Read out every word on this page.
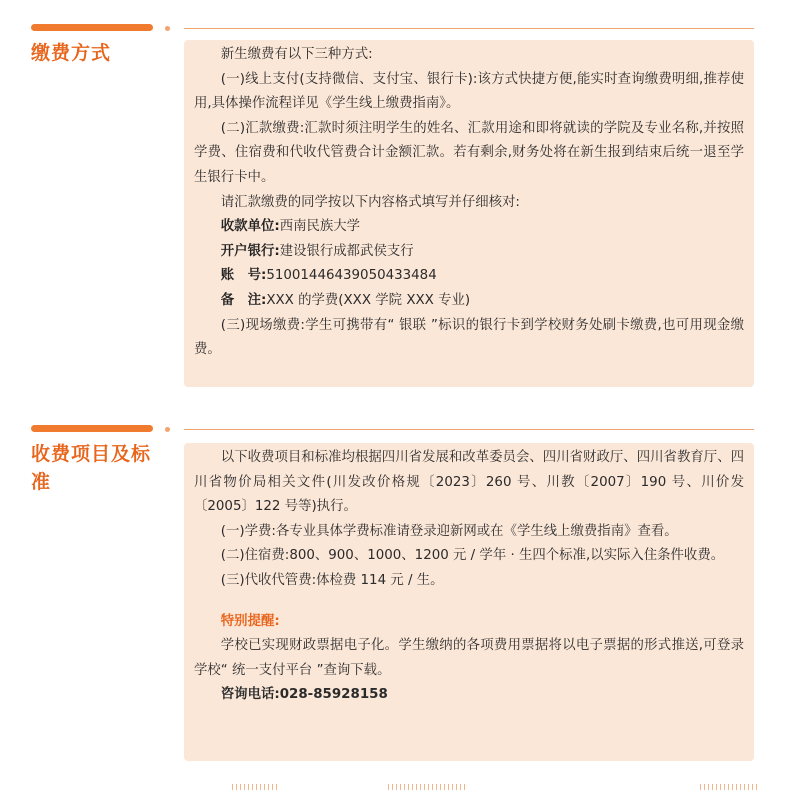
缴费方式	新生缴费有以下三种方式:

(一)线上支付(支持微信、支付宝、银行卡):该方式快捷方便,能实时查询缴费明细,推荐使用,具体操作流程详见《学生线上缴费指南》。

(二)汇款缴费:汇款时须注明学生的姓名、汇款用途和即将就读的学院及专业名称,并按照学费、住宿费和代收代管费合计金额汇款。若有剩余,财务处将在新生报到结束后统一退至学生银行卡中。

请汇款缴费的同学按以下内容格式填写并仔细核对:

收款单位:西南民族大学

开户银行:建设银行成都武侯支行

账　号:51001446439050433484

备　注:XXX 的学费(XXX 学院 XXX 专业)

(三)现场缴费:学生可携带有“ 银联 ”标识的银行卡到学校财务处刷卡缴费,也可用现金缴费。

收费项目及标准

以下收费项目和标准均根据四川省发展和改革委员会、四川省财政厅、四川省教育厅、四川省物价局相关文件(川发改价格规〔2023〕260 号、川教〔2007〕190 号、川价发〔2005〕122 号等)执行。

(一)学费:各专业具体学费标准请登录迎新网或在《学生线上缴费指南》查看。

(二)住宿费:800、900、1000、1200 元 / 学年 · 生四个标准,以实际入住条件收费。

(三)代收代管费:体检费 114 元 / 生。

特别提醒:

学校已实现财政票据电子化。学生缴纳的各项费用票据将以电子票据的形式推送,可登录学校“ 统一支付平台 ”查询下载。

咨询电话:028-85928158
